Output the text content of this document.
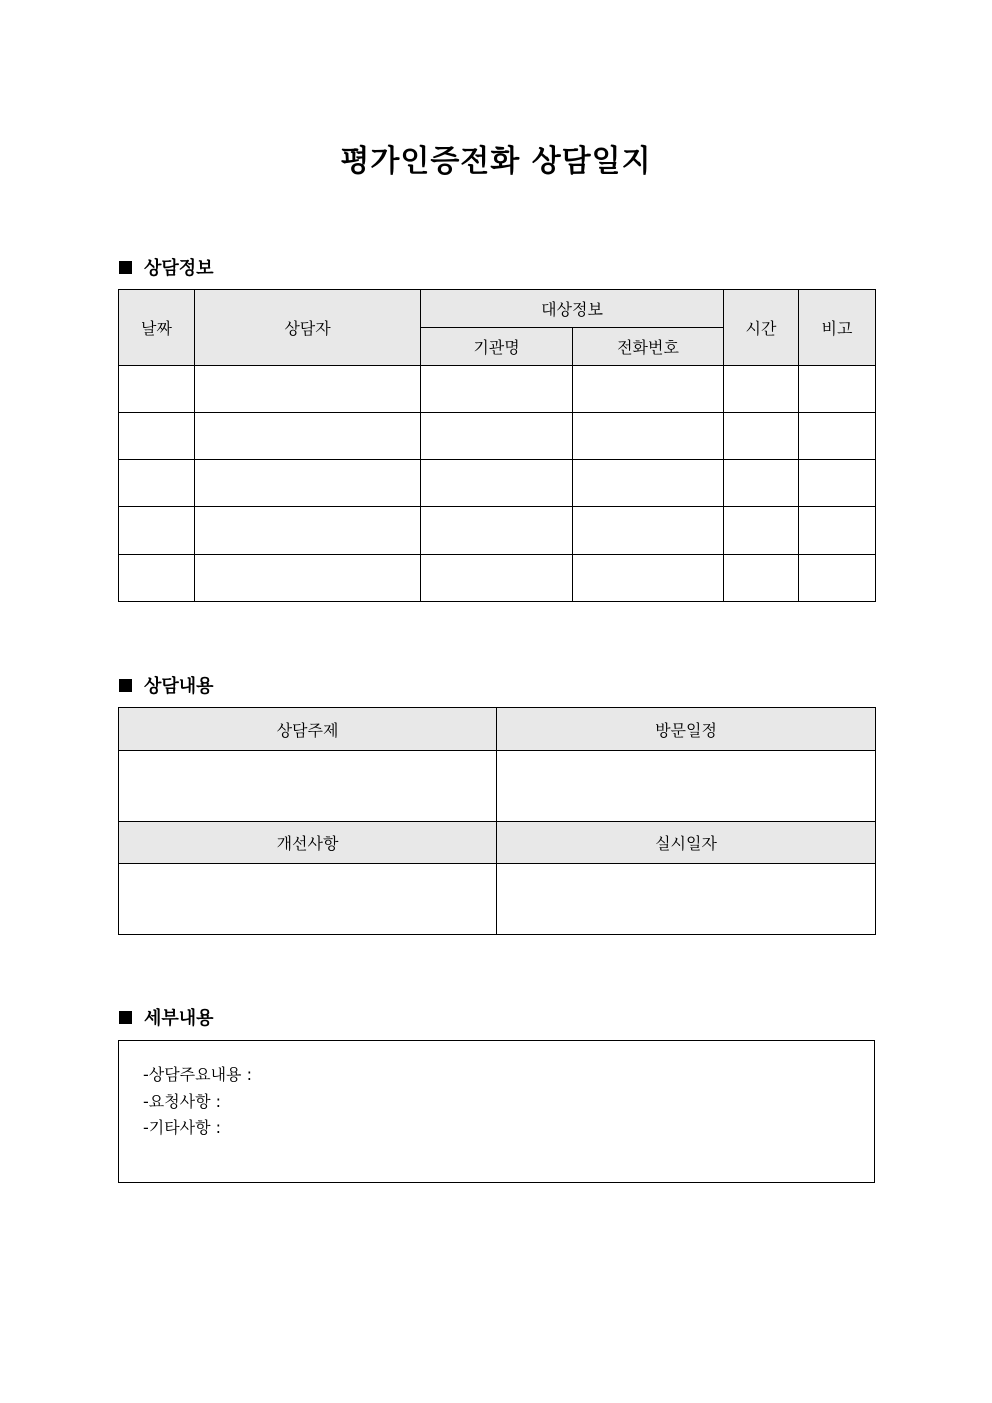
평가인증전화 상담일지
상담정보
날짜	상담자	대상정보		시간	비고
		기관명	전화번호		

상담내용
상담주제	방문일정

개선사항	실시일자

세부내용
-상담주요내용 :
-요청사항 :
-기타사항 :
